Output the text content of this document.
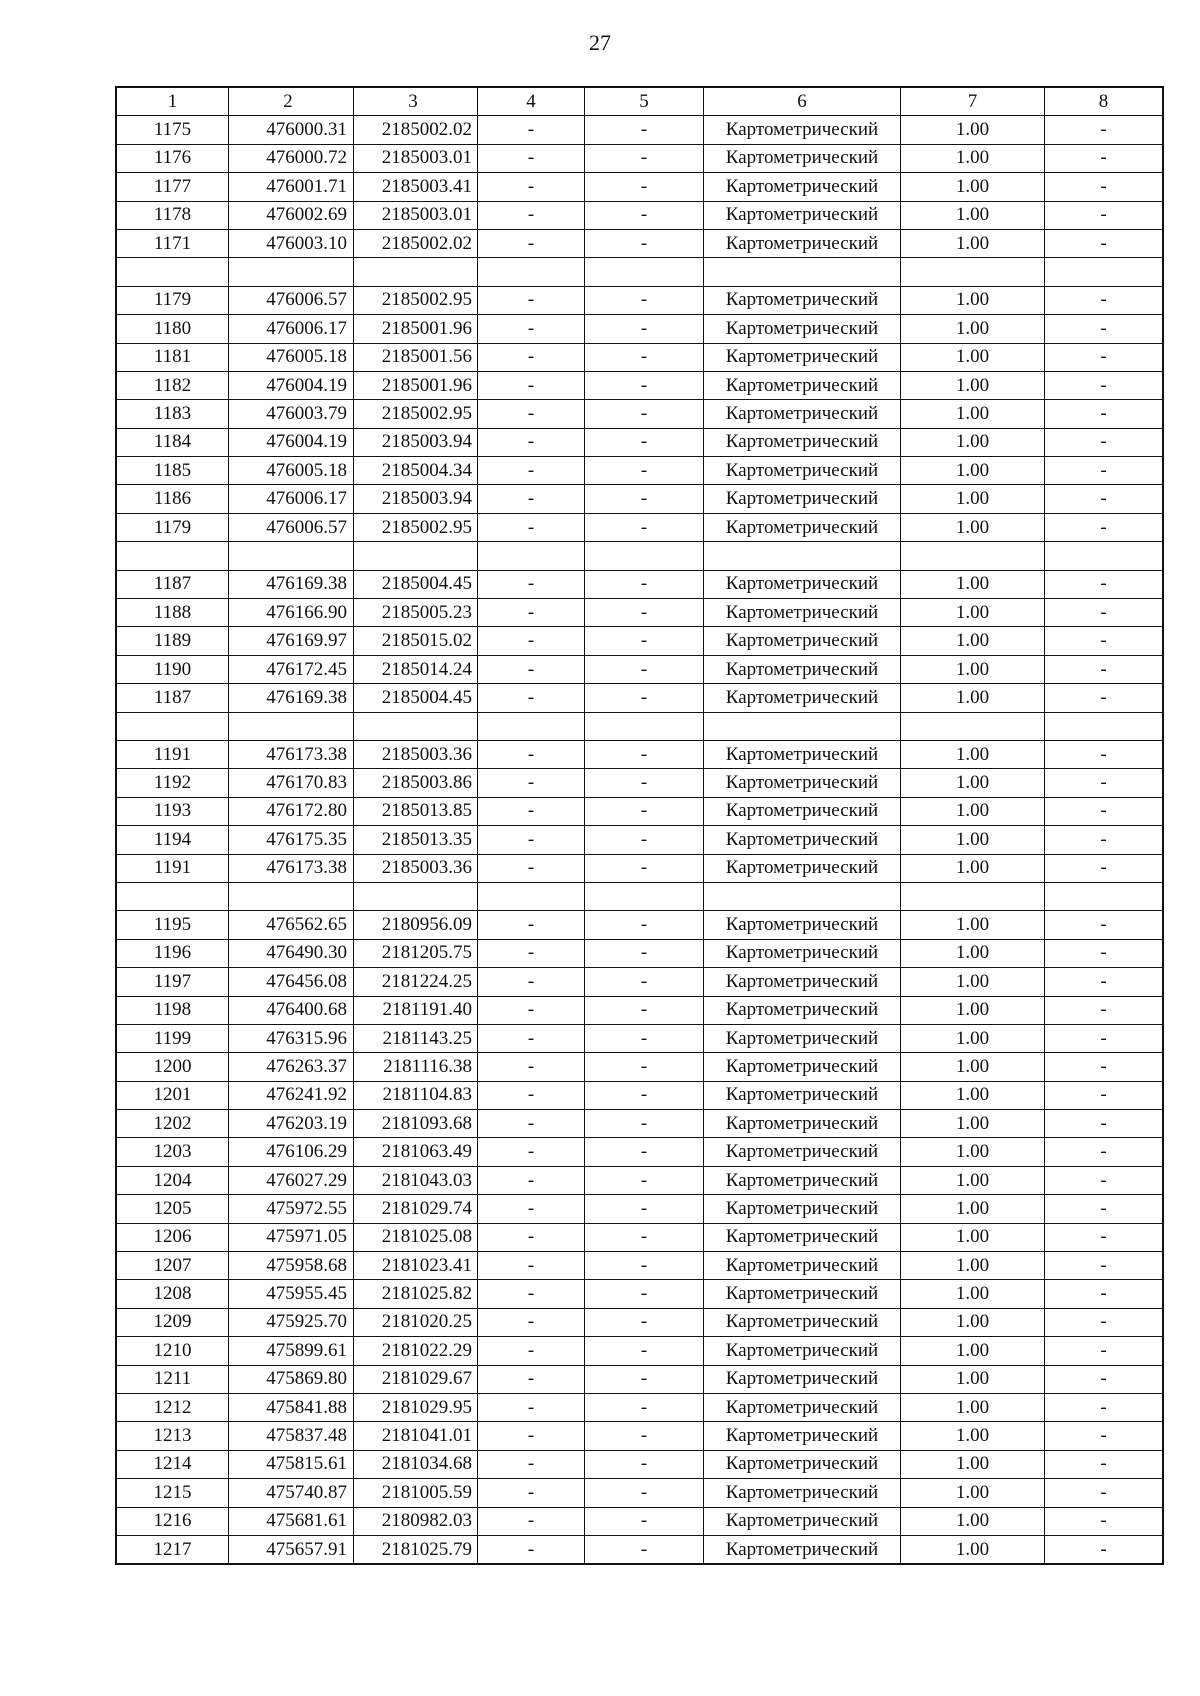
27
1	2	3	4	5	6	7	8
1175	476000.31	2185002.02	-	-	Картометрический	1.00	-
1176	476000.72	2185003.01	-	-	Картометрический	1.00	-
1177	476001.71	2185003.41	-	-	Картометрический	1.00	-
1178	476002.69	2185003.01	-	-	Картометрический	1.00	-
1171	476003.10	2185002.02	-	-	Картометрический	1.00	-

1179	476006.57	2185002.95	-	-	Картометрический	1.00	-
1180	476006.17	2185001.96	-	-	Картометрический	1.00	-
1181	476005.18	2185001.56	-	-	Картометрический	1.00	-
1182	476004.19	2185001.96	-	-	Картометрический	1.00	-
1183	476003.79	2185002.95	-	-	Картометрический	1.00	-
1184	476004.19	2185003.94	-	-	Картометрический	1.00	-
1185	476005.18	2185004.34	-	-	Картометрический	1.00	-
1186	476006.17	2185003.94	-	-	Картометрический	1.00	-
1179	476006.57	2185002.95	-	-	Картометрический	1.00	-

1187	476169.38	2185004.45	-	-	Картометрический	1.00	-
1188	476166.90	2185005.23	-	-	Картометрический	1.00	-
1189	476169.97	2185015.02	-	-	Картометрический	1.00	-
1190	476172.45	2185014.24	-	-	Картометрический	1.00	-
1187	476169.38	2185004.45	-	-	Картометрический	1.00	-

1191	476173.38	2185003.36	-	-	Картометрический	1.00	-
1192	476170.83	2185003.86	-	-	Картометрический	1.00	-
1193	476172.80	2185013.85	-	-	Картометрический	1.00	-
1194	476175.35	2185013.35	-	-	Картометрический	1.00	-
1191	476173.38	2185003.36	-	-	Картометрический	1.00	-

1195	476562.65	2180956.09	-	-	Картометрический	1.00	-
1196	476490.30	2181205.75	-	-	Картометрический	1.00	-
1197	476456.08	2181224.25	-	-	Картометрический	1.00	-
1198	476400.68	2181191.40	-	-	Картометрический	1.00	-
1199	476315.96	2181143.25	-	-	Картометрический	1.00	-
1200	476263.37	2181116.38	-	-	Картометрический	1.00	-
1201	476241.92	2181104.83	-	-	Картометрический	1.00	-
1202	476203.19	2181093.68	-	-	Картометрический	1.00	-
1203	476106.29	2181063.49	-	-	Картометрический	1.00	-
1204	476027.29	2181043.03	-	-	Картометрический	1.00	-
1205	475972.55	2181029.74	-	-	Картометрический	1.00	-
1206	475971.05	2181025.08	-	-	Картометрический	1.00	-
1207	475958.68	2181023.41	-	-	Картометрический	1.00	-
1208	475955.45	2181025.82	-	-	Картометрический	1.00	-
1209	475925.70	2181020.25	-	-	Картометрический	1.00	-
1210	475899.61	2181022.29	-	-	Картометрический	1.00	-
1211	475869.80	2181029.67	-	-	Картометрический	1.00	-
1212	475841.88	2181029.95	-	-	Картометрический	1.00	-
1213	475837.48	2181041.01	-	-	Картометрический	1.00	-
1214	475815.61	2181034.68	-	-	Картометрический	1.00	-
1215	475740.87	2181005.59	-	-	Картометрический	1.00	-
1216	475681.61	2180982.03	-	-	Картометрический	1.00	-
1217	475657.91	2181025.79	-	-	Картометрический	1.00	-
